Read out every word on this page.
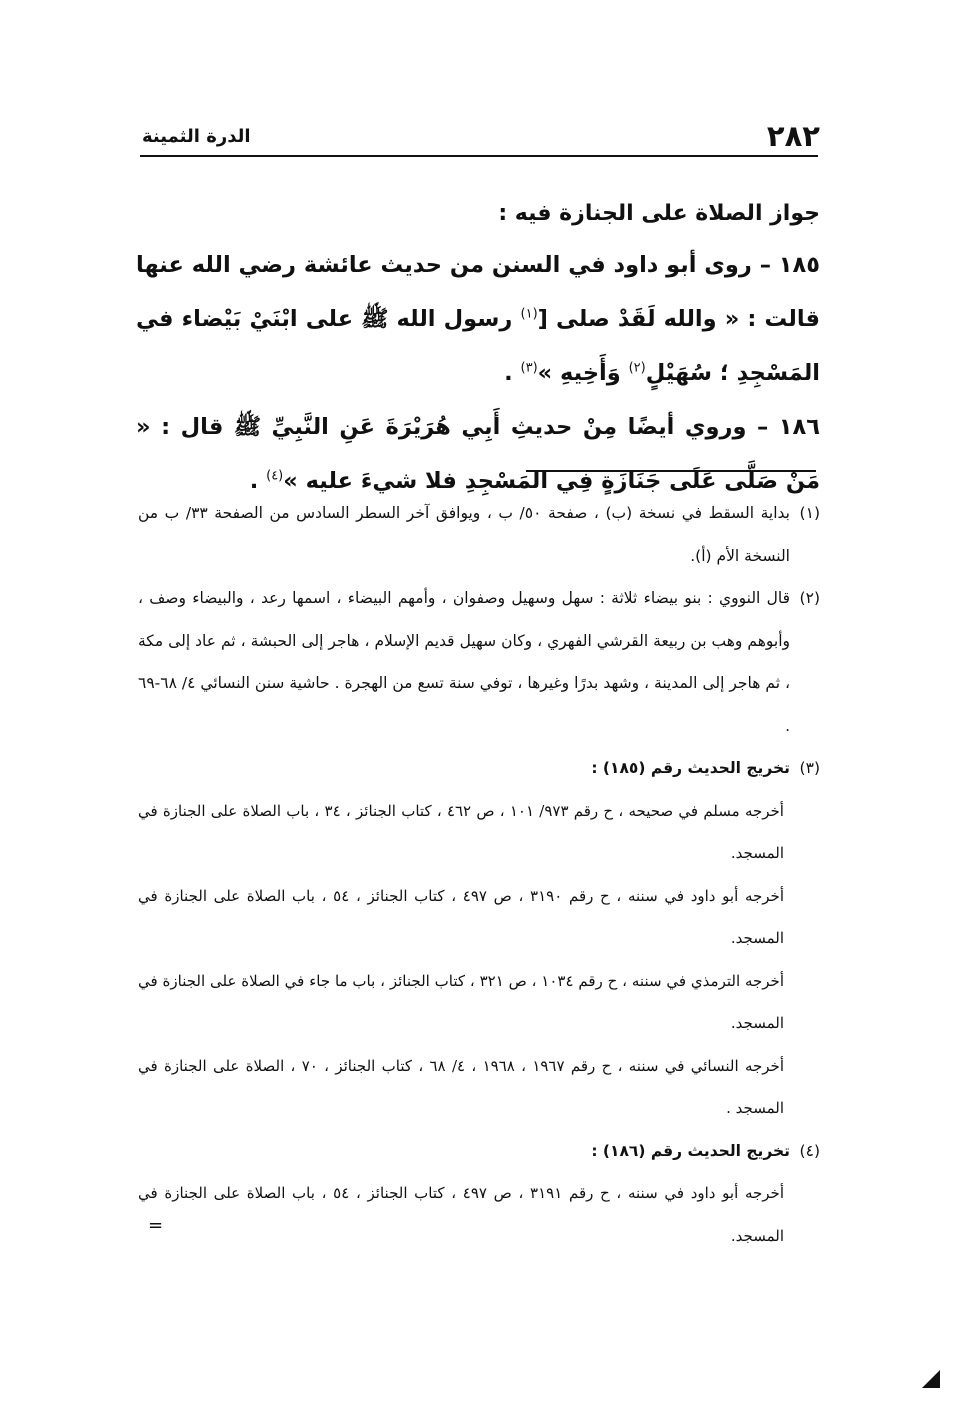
٢٨٢
الدرة الثمينة

جواز الصلاة على الجنازة فيه :

١٨٥ – روى أبو داود في السنن من حديث عائشة رضي الله عنها قالت : « والله لَقَدْ صلى [$^{(١)}$ رسول الله ﷺ على ابْنَيْ بَيْضاء في المَسْجِدِ ؛ سُهَيْلٍ$^{(٢)}$ وَأَخِيهِ »$^{(٣)}$ .

١٨٦ – وروي أيضًا مِنْ حديثِ أَبِي هُرَيْرَةَ عَنِ النَّبِيِّ ﷺ قال : « مَنْ صَلَّى عَلَى جَنَازَةٍ فِي المَسْجِدِ فلا شيءَ عليه »$^{(٤)}$ .

(١)
بداية السقط في نسخة (ب) ، صفحة ٥٠/ ب ، ويوافق آخر السطر السادس من الصفحة ٣٣/ ب من النسخة الأم (أ).
(٢)
قال النووي : بنو بيضاء ثلاثة : سهل وسهيل وصفوان ، وأمهم البيضاء ، اسمها رعد ، والبيضاء وصف ، وأبوهم وهب بن ربيعة القرشي الفهري ، وكان سهيل قديم الإسلام ، هاجر إلى الحبشة ، ثم عاد إلى مكة ، ثم هاجر إلى المدينة ، وشهد بدرًا وغيرها ، توفي سنة تسع من الهجرة . حاشية سنن النسائي ٤/ ٦٨-٦٩ .
(٣)
تخريج الحديث رقم (١٨٥) :

أخرجه مسلم في صحيحه ، ح رقم ٩٧٣/ ١٠١ ، ص ٤٦٢ ، كتاب الجنائز ، ٣٤ ، باب الصلاة على الجنازة في المسجد.

أخرجه أبو داود في سننه ، ح رقم ٣١٩٠ ، ص ٤٩٧ ، كتاب الجنائز ، ٥٤ ، باب الصلاة على الجنازة في المسجد.

أخرجه الترمذي في سننه ، ح رقم ١٠٣٤ ، ص ٣٢١ ، كتاب الجنائز ، باب ما جاء في الصلاة على الجنازة في المسجد.

أخرجه النسائي في سننه ، ح رقم ١٩٦٧ ، ١٩٦٨ ، ٤/ ٦٨ ، كتاب الجنائز ، ٧٠ ، الصلاة على الجنازة في المسجد .

(٤)
تخريج الحديث رقم (١٨٦) :

أخرجه أبو داود في سننه ، ح رقم ٣١٩١ ، ص ٤٩٧ ، كتاب الجنائز ، ٥٤ ، باب الصلاة على الجنازة في المسجد.

=
